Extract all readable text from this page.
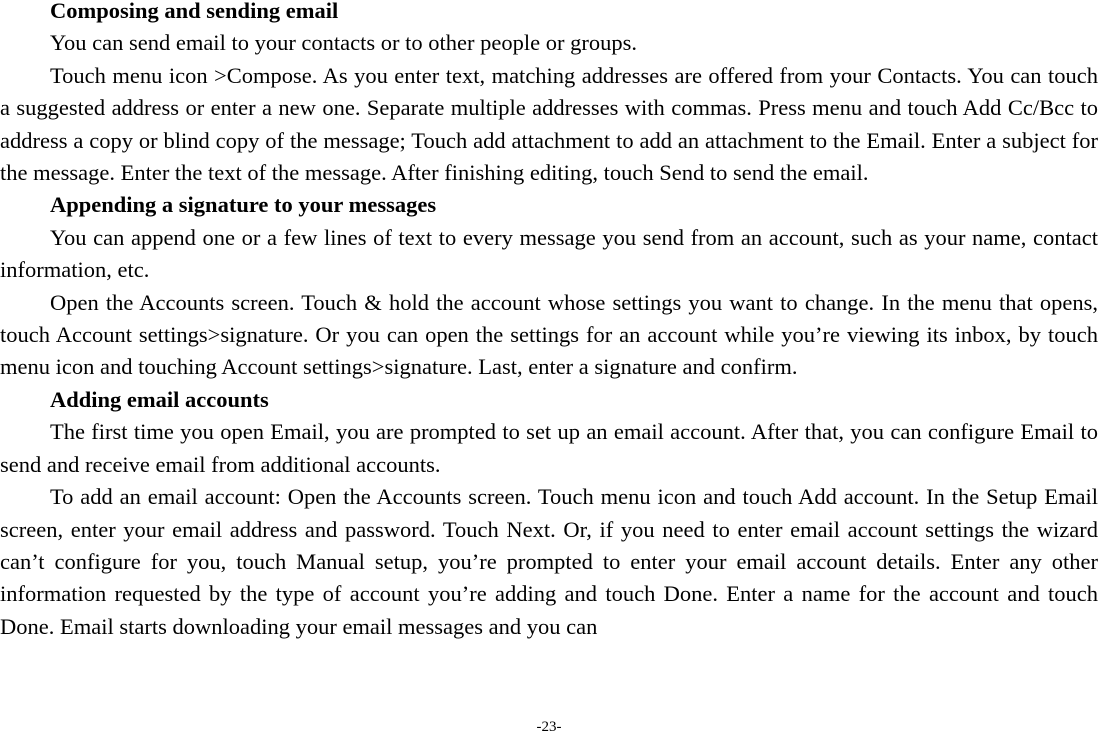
Composing and sending email

You can send email to your contacts or to other people or groups.

Touch menu icon >Compose. As you enter text, matching addresses are offered from your Contacts. You can touch a suggested address or enter a new one. Separate multiple addresses with commas. Press menu and touch Add Cc/Bcc to address a copy or blind copy of the message; Touch add attachment to add an attachment to the Email. Enter a subject for the message. Enter the text of the message. After finishing editing, touch Send to send the email.

Appending a signature to your messages

You can append one or a few lines of text to every message you send from an account, such as your name, contact information, etc.

Open the Accounts screen. Touch & hold the account whose settings you want to change. In the menu that opens, touch Account settings>signature. Or you can open the settings for an account while you’re viewing its inbox, by touch menu icon and touching Account settings>signature. Last, enter a signature and confirm.

Adding email accounts

The first time you open Email, you are prompted to set up an email account. After that, you can configure Email to send and receive email from additional accounts.

To add an email account: Open the Accounts screen. Touch menu icon and touch Add account. In the Setup Email screen, enter your email address and password. Touch Next. Or, if you need to enter email account settings the wizard can’t configure for you, touch Manual setup, you’re prompted to enter your email account details. Enter any other information requested by the type of account you’re adding and touch Done. Enter a name for the account and touch Done. Email starts downloading your email messages and you can

-23-
